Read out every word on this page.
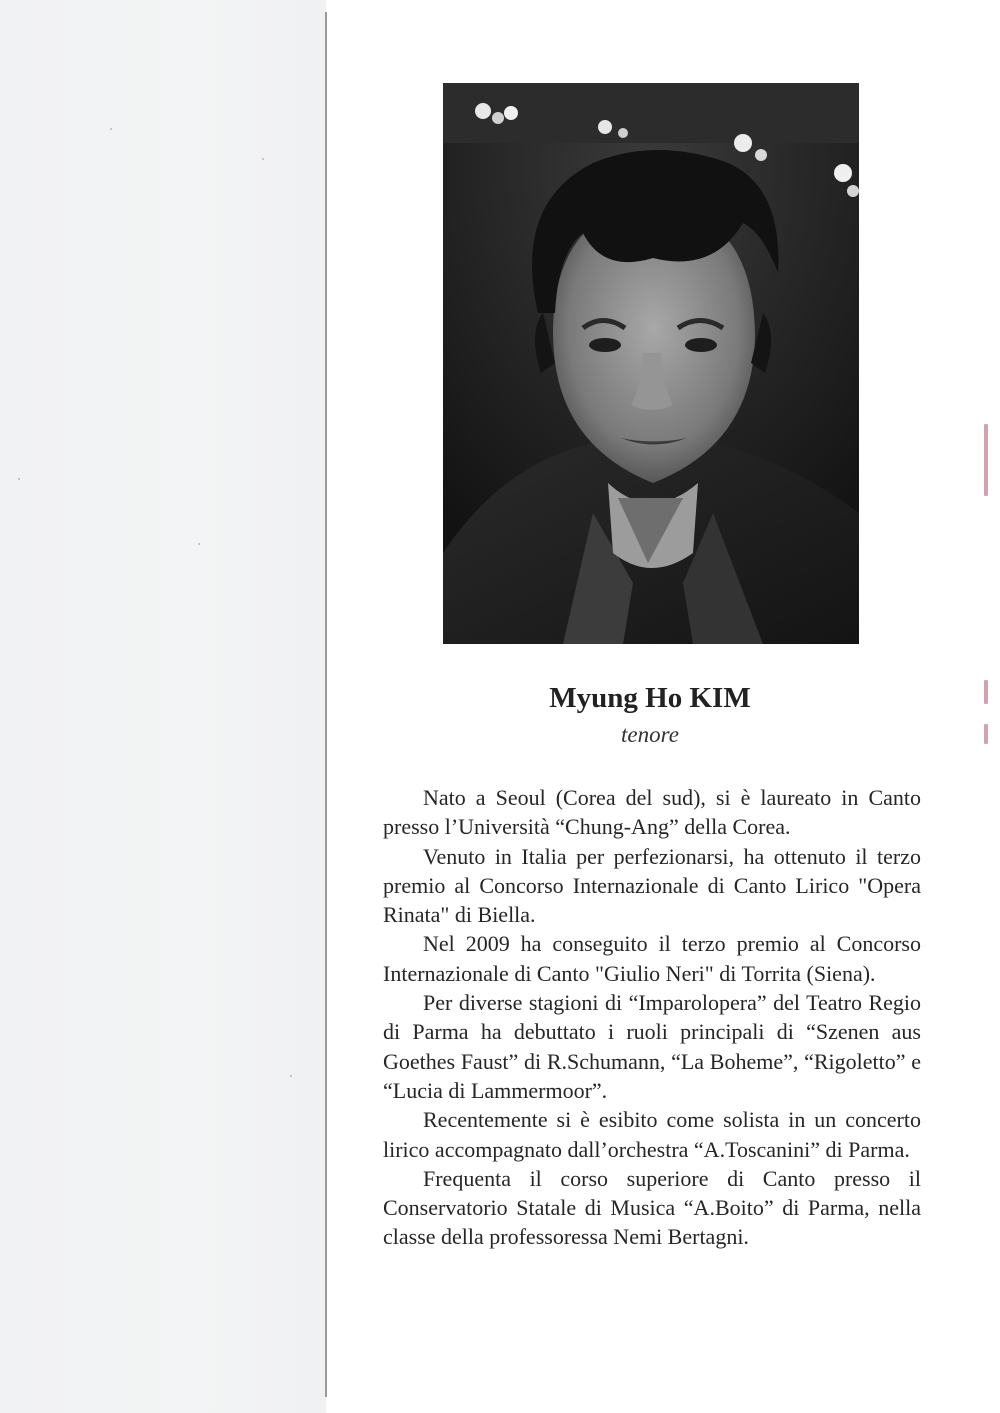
Myung Ho KIM
tenore

Nato a Seoul (Corea del sud), si è laureato in Canto presso l’Università “Chung-Ang” della Corea.

Venuto in Italia per perfezionarsi, ha ottenuto il terzo premio al Concorso Internazionale di Canto Lirico "Opera Rinata" di Biella.

Nel 2009 ha conseguito il terzo premio al Concorso Internazionale di Canto "Giulio Neri" di Torrita (Siena).

Per diverse stagioni di “Imparolopera” del Teatro Regio di Parma ha debuttato i ruoli principali di “Szenen aus Goethes Faust” di R.Schumann, “La Boheme”, “Rigoletto” e “Lucia di Lammermoor”.

Recentemente si è esibito come solista in un concerto lirico accompagnato dall’orchestra “A.Toscanini” di Parma.

Frequenta il corso superiore di Canto presso il Conservatorio Statale di Musica “A.Boito” di Parma, nella classe della professoressa Nemi Bertagni.
